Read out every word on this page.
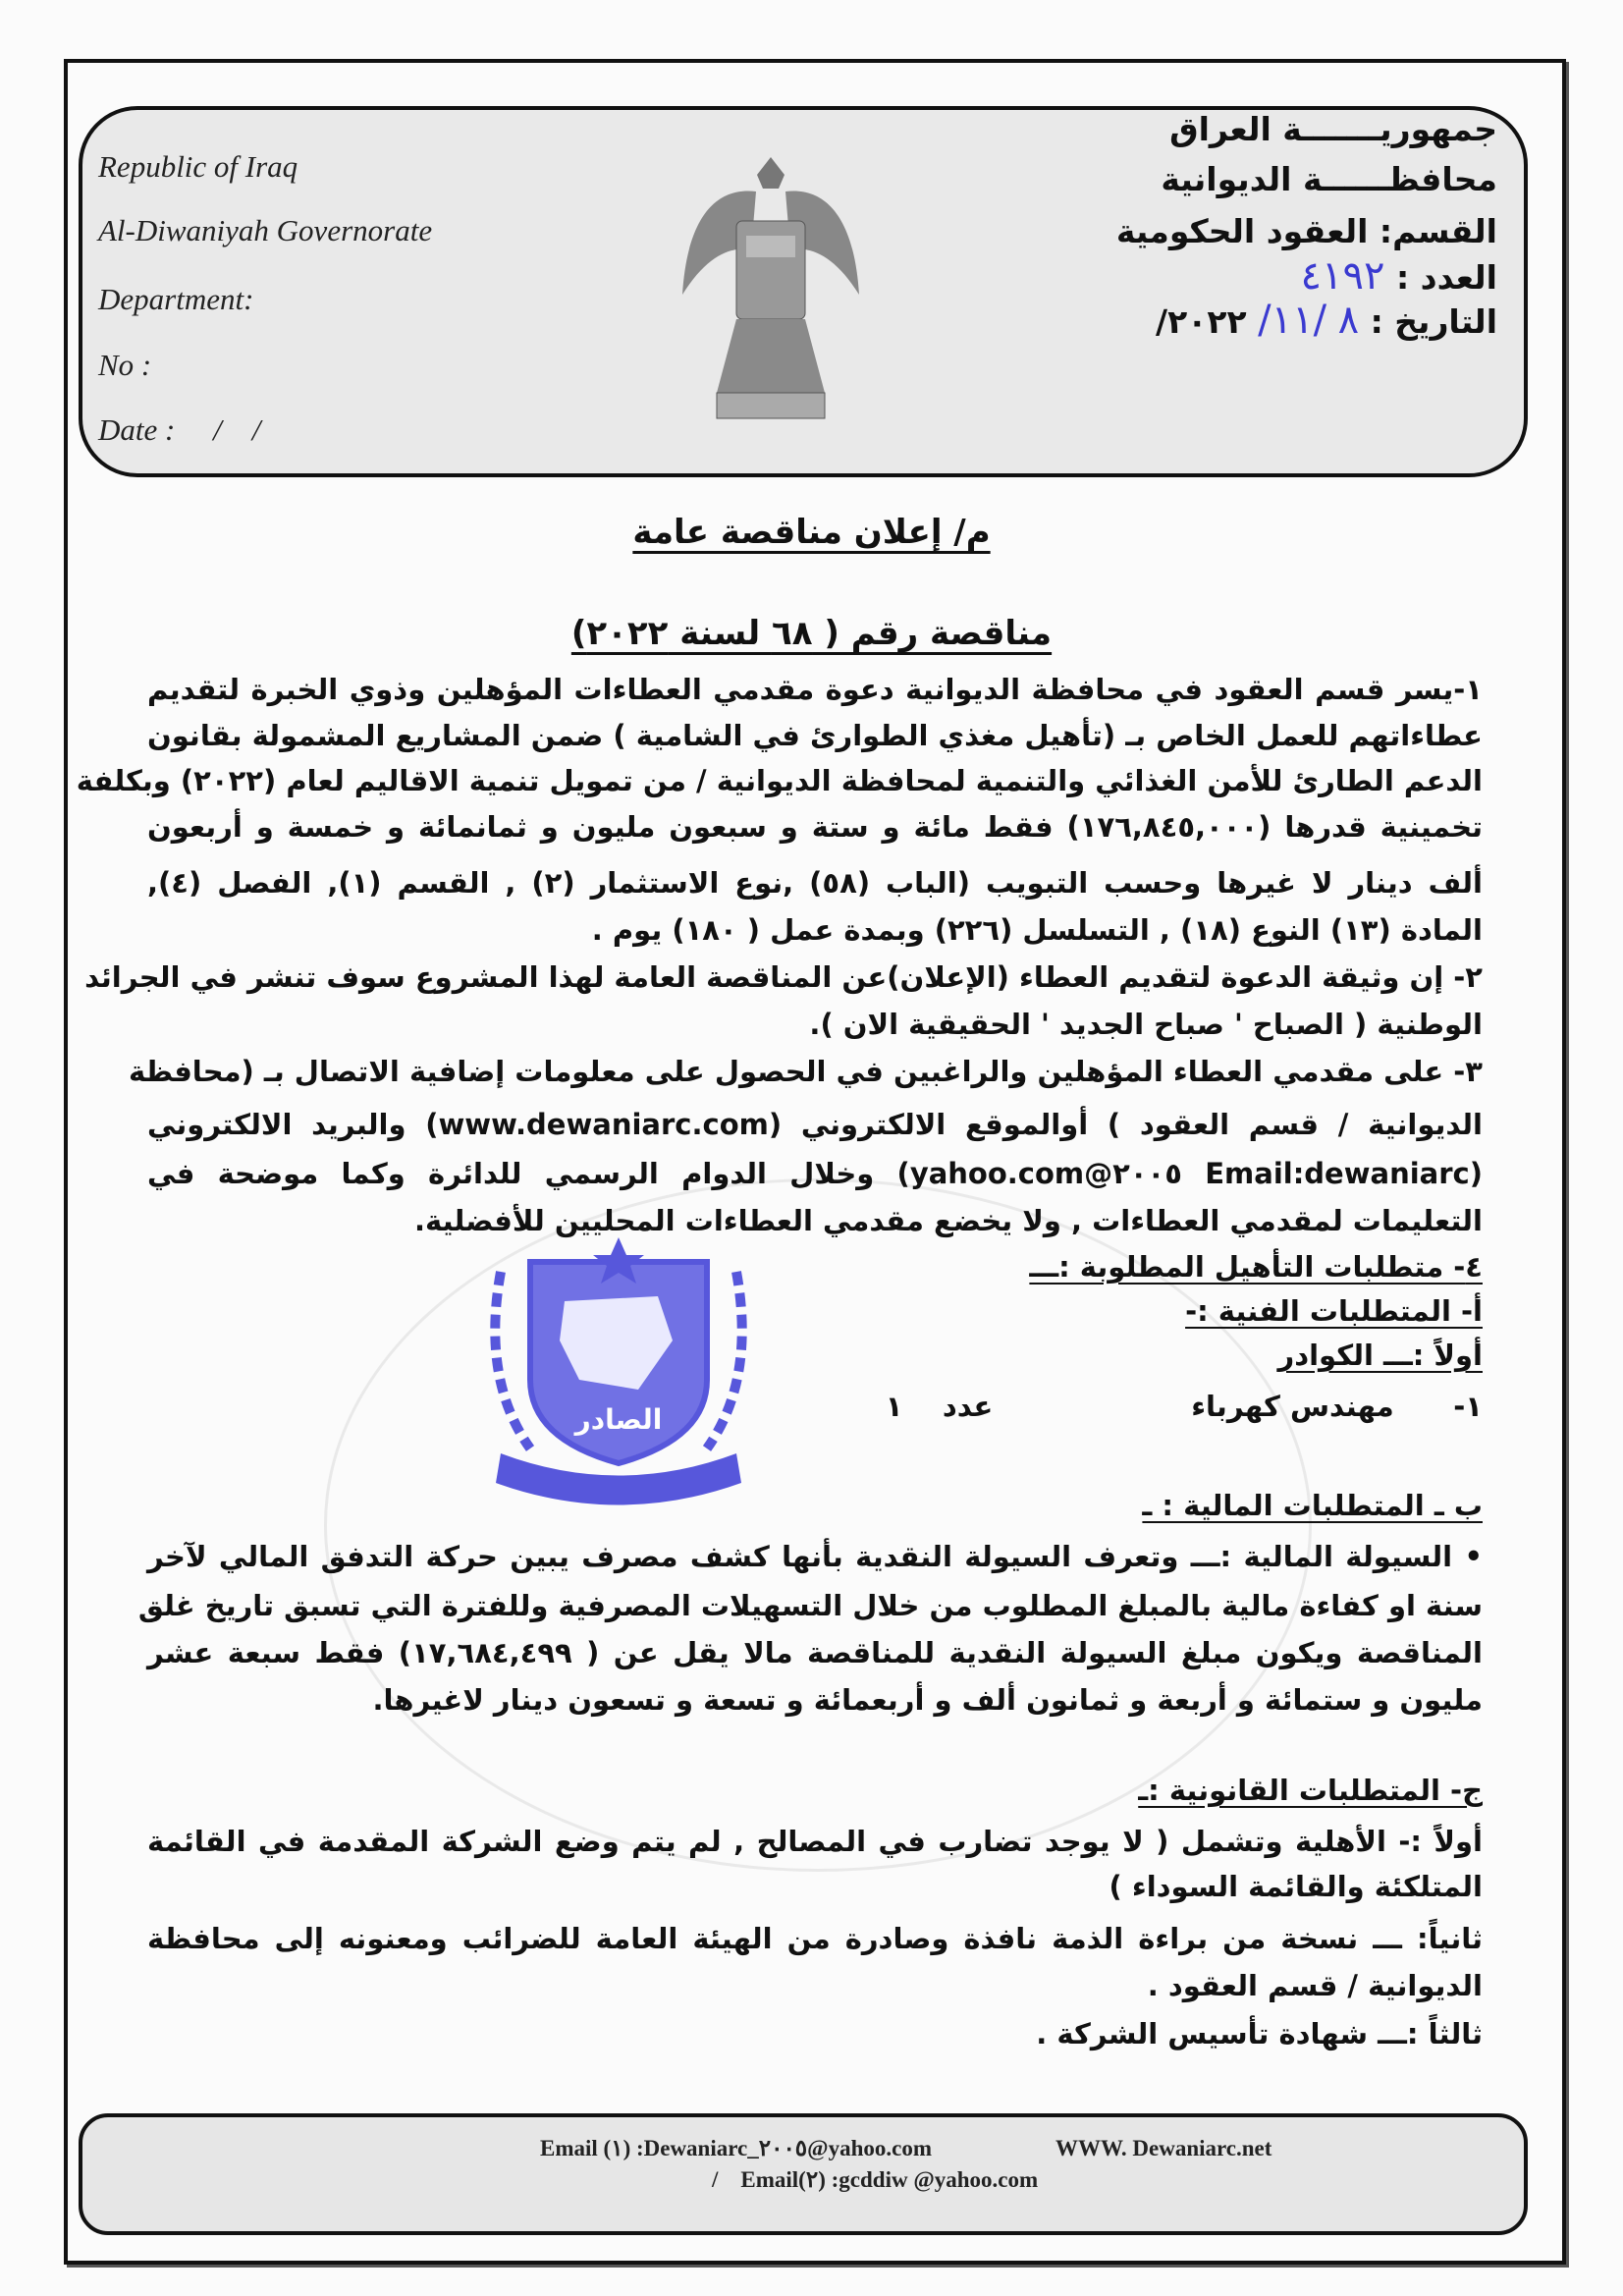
Republic of Iraq
Al-Diwaniyah Governorate
Department:
No :
Date :     /    /
جمهوريـــــــة العراق
محافظــــــة الديوانية
القسم: العقود الحكومية
العدد : ٤١٩٢
التاريخ : ٨ /١١/ ٢٠٢٢/
م/ إعلان مناقصة عامة
مناقصة رقم ( ٦٨ لسنة ٢٠٢٢)
١-يسر قسم العقود في محافظة الديوانية دعوة مقدمي العطاءات المؤهلين وذوي الخبرة لتقديم
عطاءاتهم للعمل الخاص بـ (تأهيل مغذي الطوارئ في الشامية ) ضمن المشاريع المشمولة بقانون
الدعم الطارئ للأمن الغذائي والتنمية لمحافظة الديوانية / من تمويل تنمية الاقاليم لعام (٢٠٢٢) وبكلفة
تخمينية قدرها (١٧٦,٨٤٥,٠٠٠) فقط مائة و ستة و سبعون مليون و ثمانمائة و خمسة و أربعون
ألف دينار لا غيرها وحسب التبويب (الباب (٥٨) ,نوع الاستثمار (٢) , القسم (١), الفصل (٤),
المادة (١٣) النوع (١٨) , التسلسل (٢٢٦) وبمدة عمل ( ١٨٠) يوم .
٢- إن وثيقة الدعوة لتقديم العطاء (الإعلان)عن المناقصة العامة لهذا المشروع سوف تنشر في الجرائد
الوطنية ( الصباح ' صباح الجديد ' الحقيقية الان ).
٣- على مقدمي العطاء المؤهلين والراغبين في الحصول على معلومات إضافية الاتصال بـ (محافظة
الديوانية / قسم العقود ) أوالموقع الالكتروني (www.dewaniarc.com) والبريد الالكتروني
(Email:dewaniarc ٢٠٠٥@yahoo.com) وخلال الدوام الرسمي للدائرة وكما موضحة في
التعليمات لمقدمي العطاءات , ولا يخضع مقدمي العطاءات المحليين للأفضلية.
٤- متطلبات التأهيل المطلوبة :ـــ
أ- المتطلبات الفنية :-
أولاً :ـــ الكوادر
١-      مهندس كهرباء                    عدد    ١
ب ـ المتطلبات المالية : ـ
• السيولة المالية :ـــ وتعرف السيولة النقدية بأنها كشف مصرف يبين حركة التدفق المالي لآخر
سنة او كفاءة مالية بالمبلغ المطلوب من خلال التسهيلات المصرفية وللفترة التي تسبق تاريخ غلق
المناقصة ويكون مبلغ السيولة النقدية للمناقصة مالا يقل عن ( ١٧,٦٨٤,٤٩٩) فقط سبعة عشر
مليون و ستمائة و أربعة و ثمانون ألف و أربعمائة و تسعة و تسعون دينار لاغيرها.
ج- المتطلبات القانونية :ـ
أولاً :- الأهلية وتشمل ( لا يوجد تضارب في المصالح , لم يتم وضع الشركة المقدمة في القائمة
المتلكئة والقائمة السوداء )
ثانياً: ـــ نسخة من براءة الذمة نافذة وصادرة من الهيئة العامة للضرائب ومعنونه إلى محافظة
الديوانية / قسم العقود .
ثالثاً :ـــ شهادة تأسيس الشركة .
الصادر
Email (١) :Dewaniarc_٢٠٠٥@yahoo.com	WWW. Dewaniarc.net
/    Email(٢) :gcddiw @yahoo.com
